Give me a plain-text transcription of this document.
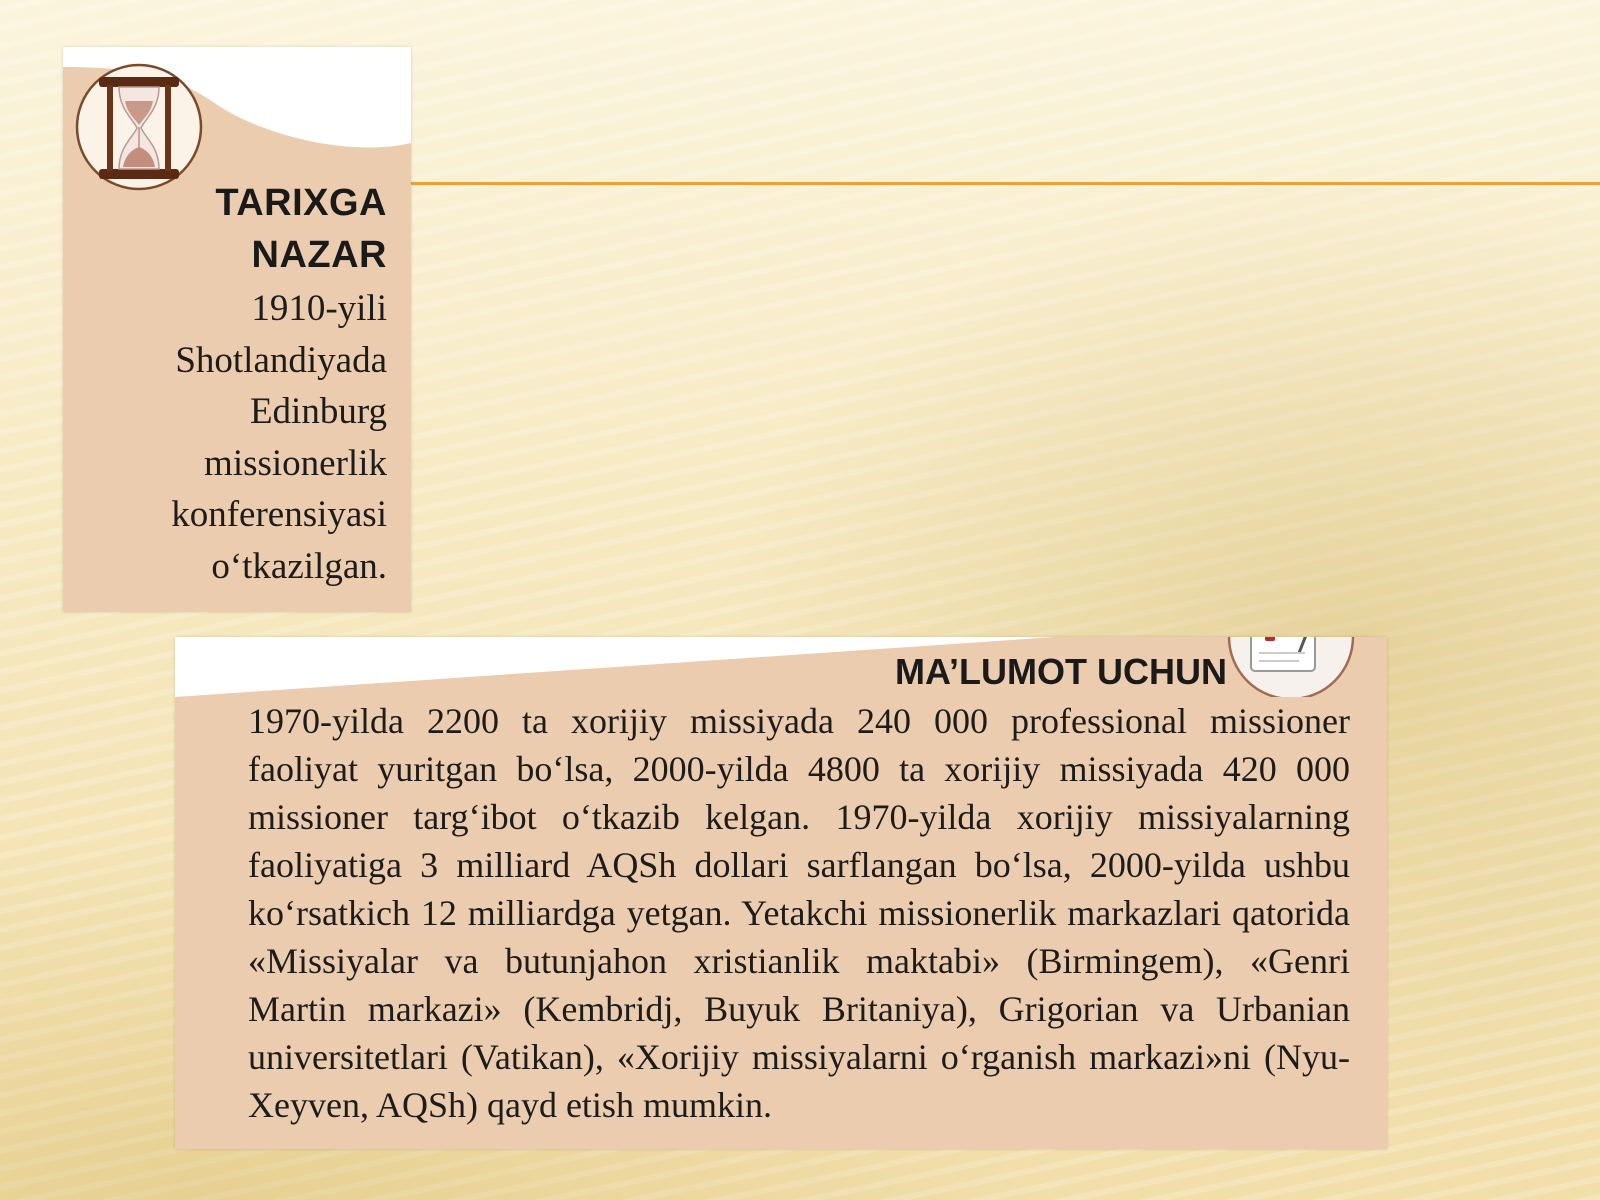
TARIXGA
NAZAR
1910-yili
Shotlandiyada
Edinburg
missionerlik
konferensiyasi
o‘tkazilgan.
MA’LUMOT UCHUN
1970-yilda 2200 ta xorijiy missiyada 240 000 professional missioner faoliyat yuritgan bo‘lsa, 2000-yilda 4800 ta xorijiy missiyada 420 000 missioner targ‘ibot o‘tkazib kelgan. 1970-yilda xorijiy missiyalarning faoliyatiga 3 milliard AQSh dollari sarflangan bo‘lsa, 2000-yilda ushbu ko‘rsatkich 12 milliardga yetgan. Yetakchi missionerlik markazlari qatorida «Missiyalar va butunjahon xristianlik maktabi» (Birmingem), «Genri Martin markazi» (Kembridj, Buyuk Britaniya), Grigorian va Urbanian universitetlari (Vatikan), «Xorijiy missiyalarni o‘rganish markazi»ni (Nyu-Xeyven, AQSh) qayd etish mumkin.
